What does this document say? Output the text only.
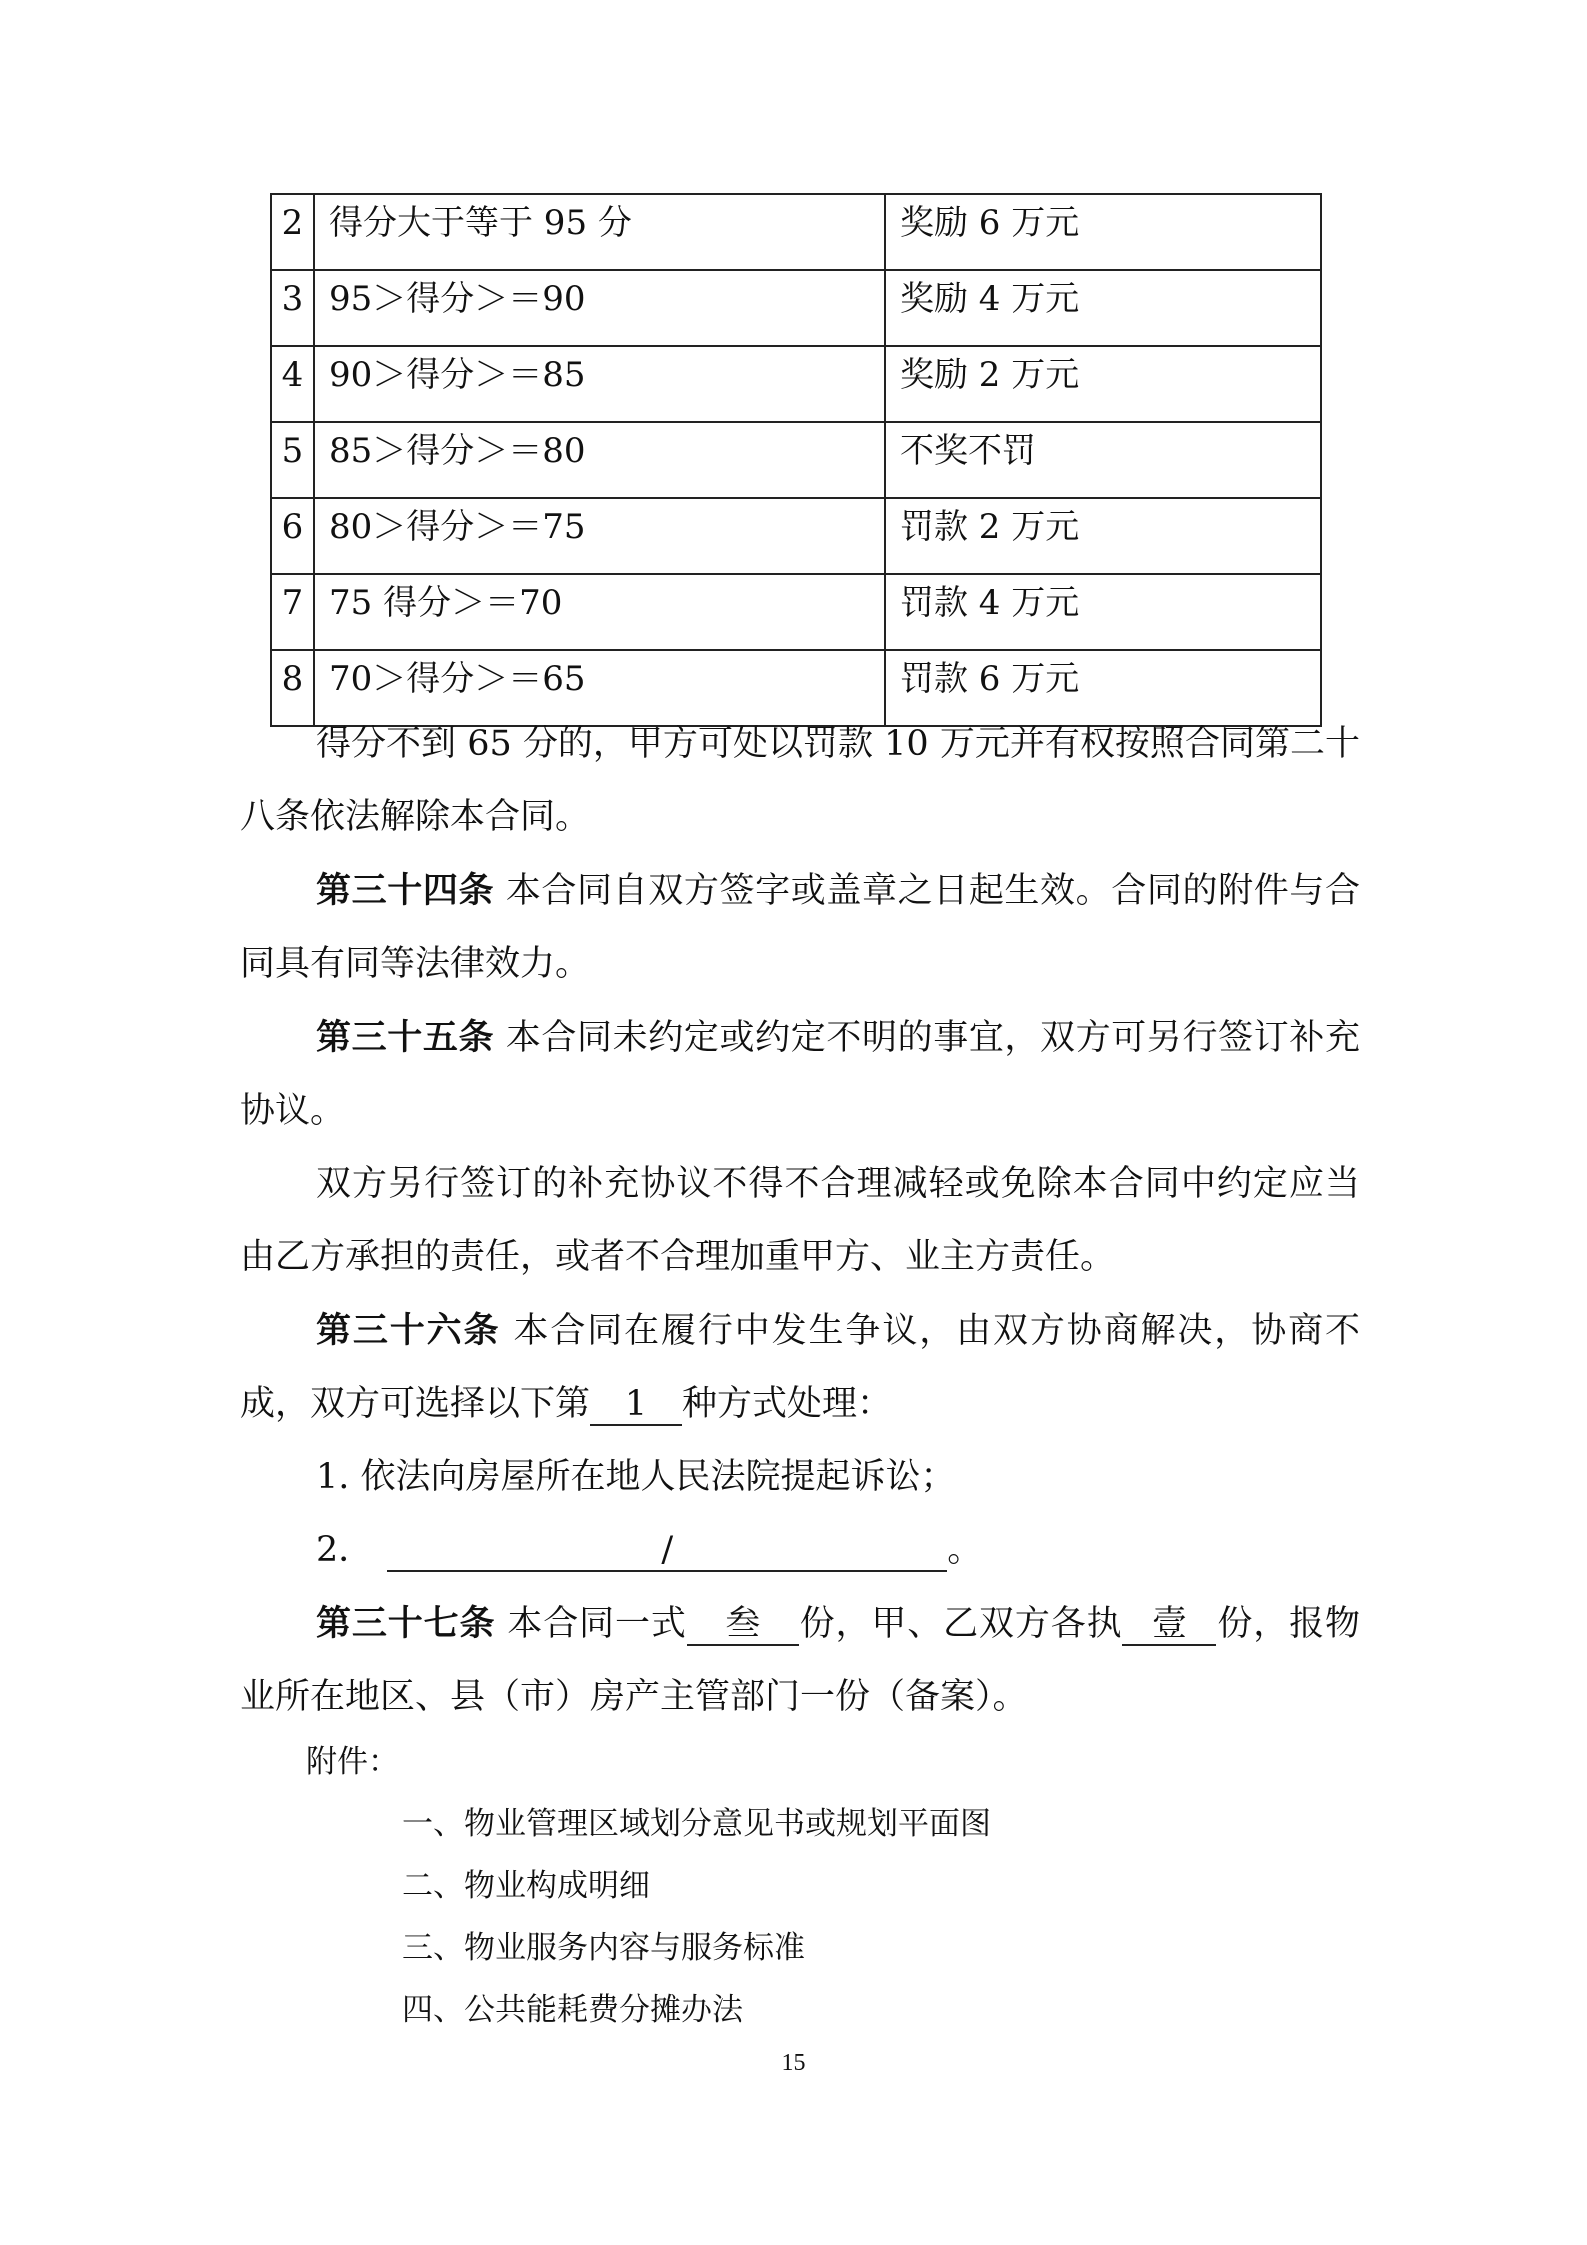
2	得分大于等于 95 分	奖励 6 万元
3	95＞得分＞＝90	奖励 4 万元
4	90＞得分＞＝85	奖励 2 万元
5	85＞得分＞＝80	不奖不罚
6	80＞得分＞＝75	罚款 2 万元
7	75 得分＞＝70	罚款 4 万元
8	70＞得分＞＝65	罚款 6 万元

得分不到 65 分的，甲方可处以罚款 10 万元并有权按照合同第二十八条依法解除本合同。

第三十四条 本合同自双方签字或盖章之日起生效。合同的附件与合同具有同等法律效力。

第三十五条 本合同未约定或约定不明的事宜，双方可另行签订补充协议。

双方另行签订的补充协议不得不合理减轻或免除本合同中约定应当由乙方承担的责任，或者不合理加重甲方、业主方责任。

第三十六条 本合同在履行中发生争议，由双方协商解决，协商不成，双方可选择以下第 1 种方式处理：

1. 依法向房屋所在地人民法院提起诉讼；

2．	/	。

第三十七条 本合同一式 叁 份，甲、乙双方各执 壹 份，报物业所在地区、县（市）房产主管部门一份（备案）。

附件：
一、物业管理区域划分意见书或规划平面图
二、物业构成明细
三、物业服务内容与服务标准
四、公共能耗费分摊办法
15
